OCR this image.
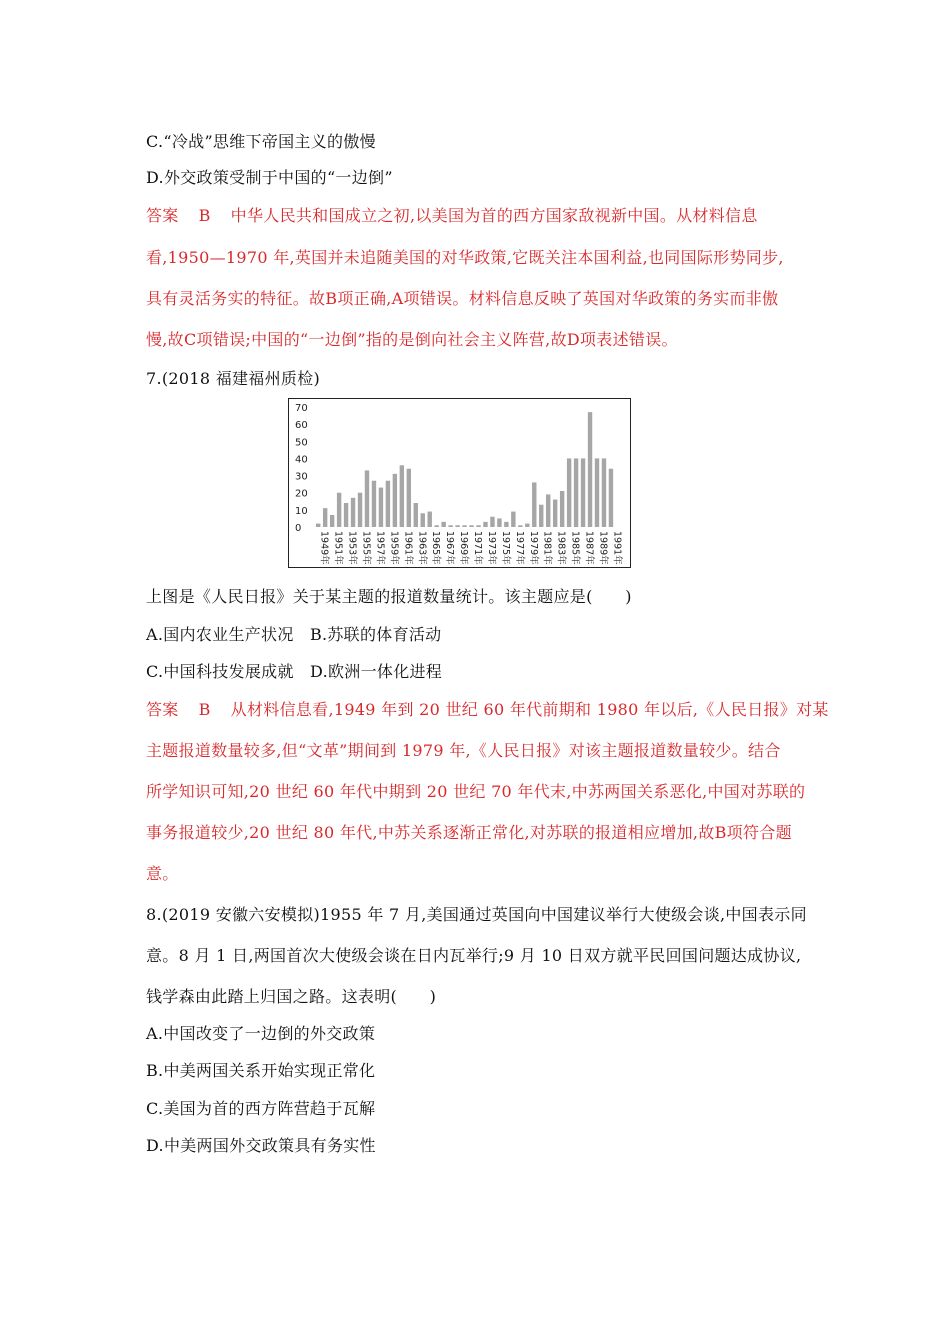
C.“冷战”思维下帝国主义的傲慢
D.外交政策受制于中国的“一边倒”
答案 B 中华人民共和国成立之初,以美国为首的西方国家敌视新中国。从材料信息
看,1950—1970 年,英国并未追随美国的对华政策,它既关注本国利益,也同国际形势同步,
具有灵活务实的特征。故B项正确,A项错误。材料信息反映了英国对华政策的务实而非傲
慢,故C项错误;中国的“一边倒”指的是倒向社会主义阵营,故D项表述错误。
7.(2018 福建福州质检)
0
10
20
30
40
50
60
70
1949年 1951年 1953年 1955年 1957年 1959年 1961年 1963年 1965年 1967年 1969年 1971年 1973年 1975年 1977年 1979年 1981年 1983年 1985年 1987年 1989年 1991年
上图是《人民日报》关于某主题的报道数量统计。该主题应是(　　)
A.国内农业生产状况　B.苏联的体育活动
C.中国科技发展成就　D.欧洲一体化进程
答案 B 从材料信息看,1949 年到 20 世纪 60 年代前期和 1980 年以后,《人民日报》对某
主题报道数量较多,但“文革”期间到 1979 年,《人民日报》对该主题报道数量较少。结合
所学知识可知,20 世纪 60 年代中期到 20 世纪 70 年代末,中苏两国关系恶化,中国对苏联的
事务报道较少,20 世纪 80 年代,中苏关系逐渐正常化,对苏联的报道相应增加,故B项符合题
意。
8.(2019 安徽六安模拟)1955 年 7 月,美国通过英国向中国建议举行大使级会谈,中国表示同
意。8 月 1 日,两国首次大使级会谈在日内瓦举行;9 月 10 日双方就平民回国问题达成协议,
钱学森由此踏上归国之路。这表明(　　)
A.中国改变了一边倒的外交政策
B.中美两国关系开始实现正常化
C.美国为首的西方阵营趋于瓦解
D.中美两国外交政策具有务实性
